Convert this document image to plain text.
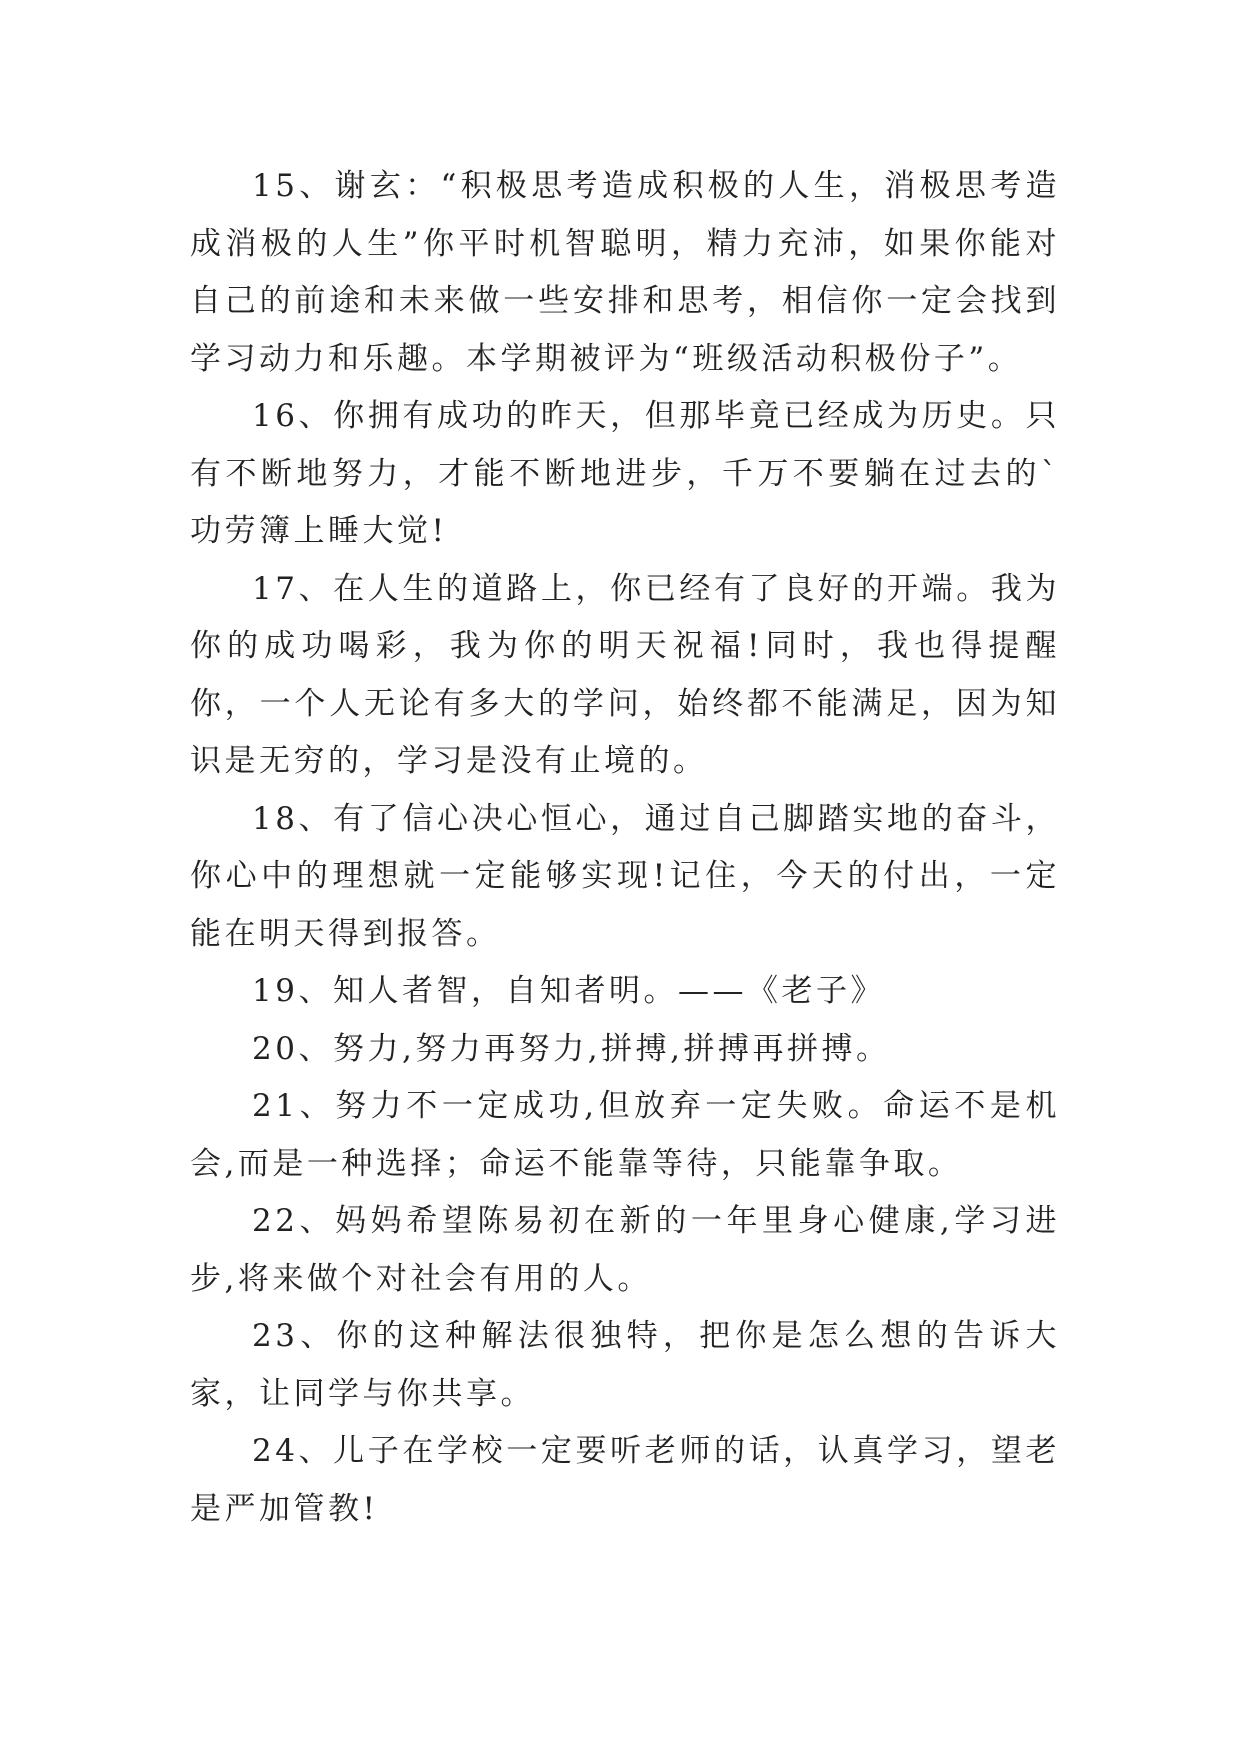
15、谢玄：“积极思考造成积极的人生，消极思考造成消极的人生”你平时机智聪明，精力充沛，如果你能对自己的前途和未来做一些安排和思考，相信你一定会找到学习动力和乐趣。本学期被评为“班级活动积极份子”。

16、你拥有成功的昨天，但那毕竟已经成为历史。只有不断地努力，才能不断地进步，千万不要躺在过去的`功劳簿上睡大觉!

17、在人生的道路上，你已经有了良好的开端。我为你的成功喝彩，我为你的明天祝福!同时，我也得提醒你，一个人无论有多大的学问，始终都不能满足，因为知识是无穷的，学习是没有止境的。

18、有了信心决心恒心，通过自己脚踏实地的奋斗，你心中的理想就一定能够实现!记住，今天的付出，一定能在明天得到报答。

19、知人者智，自知者明。——《老子》

20、努力,努力再努力,拼搏,拼搏再拼搏。

21、努力不一定成功,但放弃一定失败。命运不是机会,而是一种选择；命运不能靠等待，只能靠争取。

22、妈妈希望陈易初在新的一年里身心健康,学习进步,将来做个对社会有用的人。

23、你的这种解法很独特，把你是怎么想的告诉大家，让同学与你共享。

24、儿子在学校一定要听老师的话，认真学习，望老是严加管教!
